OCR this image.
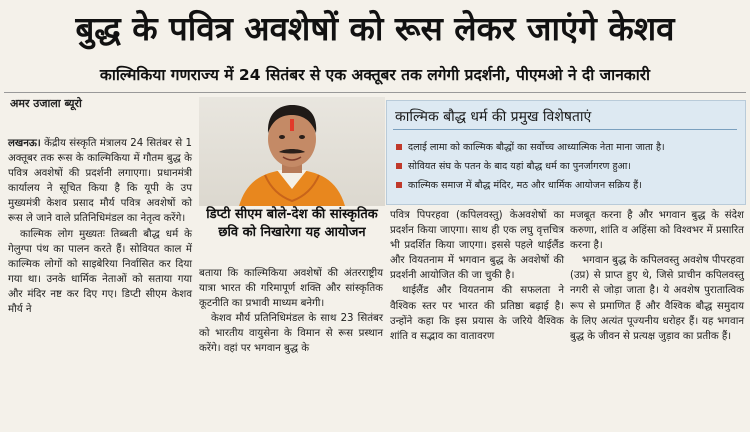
बुद्ध के पवित्र अवशेषों को रूस लेकर जाएंगे केशव
काल्मिकिया गणराज्य में 24 सितंबर से एक अक्तूबर तक लगेगी प्रदर्शनी, पीएमओ ने दी जानकारी
अमर उजाला ब्यूरो

लखनऊ। केंद्रीय संस्कृति मंत्रालय 24 सितंबर से 1 अक्तूबर तक रूस के काल्मिकिया में गौतम बुद्ध के पवित्र अवशेषों की प्रदर्शनी लगाएगा। प्रधानमंत्री कार्यालय ने सूचित किया है कि यूपी के उप मुख्यमंत्री केशव प्रसाद मौर्य पवित्र अवशेषों को रूस ले जाने वाले प्रतिनिधिमंडल का नेतृत्व करेंगे।

काल्मिक लोग मुख्यतः तिब्बती बौद्ध धर्म के गेलुग्पा पंथ का पालन करते हैं। सोवियत काल में काल्मिक लोगों को साइबेरिया निर्वासित कर दिया गया था। उनके धार्मिक नेताओं को सताया गया और मंदिर नष्ट कर दिए गए। डिप्टी सीएम केशव मौर्य ने

डिप्टी सीएम बोले-देश की सांस्कृतिक छवि को निखारेगा यह आयोजन

बताया कि काल्मिकिया अवशेषों की अंतरराष्ट्रीय यात्रा भारत की गरिमापूर्ण शक्ति और सांस्कृतिक कूटनीति का प्रभावी माध्यम बनेगी।

केशव मौर्य प्रतिनिधिमंडल के साथ 23 सितंबर को भारतीय वायुसेना के विमान से रूस प्रस्थान करेंगे। वहां पर भगवान बुद्ध के

काल्मिक बौद्ध धर्म की प्रमुख विशेषताएं
दलाई लामा को काल्मिक बौद्धों का सर्वोच्च आध्यात्मिक नेता माना जाता है।
सोवियत संघ के पतन के बाद यहां बौद्ध धर्म का पुनर्जागरण हुआ।
काल्मिक समाज में बौद्ध मंदिर, मठ और धार्मिक आयोजन सक्रिय हैं।

पवित्र पिपरहवा (कपिलवस्तु) केअवशेषों का प्रदर्शन किया जाएगा। साथ ही एक लघु वृत्तचित्र भी प्रदर्शित किया जाएगा। इससे पहले थाईलैंड और वियतनाम में भगवान बुद्ध के अवशेषों की प्रदर्शनी आयोजित की जा चुकी है।

थाईलैंड और वियतनाम की सफलता ने वैश्विक स्तर पर भारत की प्रतिष्ठा बढ़ाई है। उन्होंने कहा कि इस प्रयास के जरिये वैश्विक शांति व सद्भाव का वातावरण

मजबूत करना है और भगवान बुद्ध के संदेश करुणा, शांति व अहिंसा को विश्वभर में प्रसारित करना है।

भगवान बुद्ध के कपिलवस्तु अवशेष पीपरहवा (उप्र) से प्राप्त हुए थे, जिसे प्राचीन कपिलवस्तु नगरी से जोड़ा जाता है। ये अवशेष पुरातात्विक रूप से प्रमाणित हैं और वैश्विक बौद्ध समुदाय के लिए अत्यंत पूज्यनीय धरोहर हैं। यह भगवान बुद्ध के जीवन से प्रत्यक्ष जुड़ाव का प्रतीक हैं।
